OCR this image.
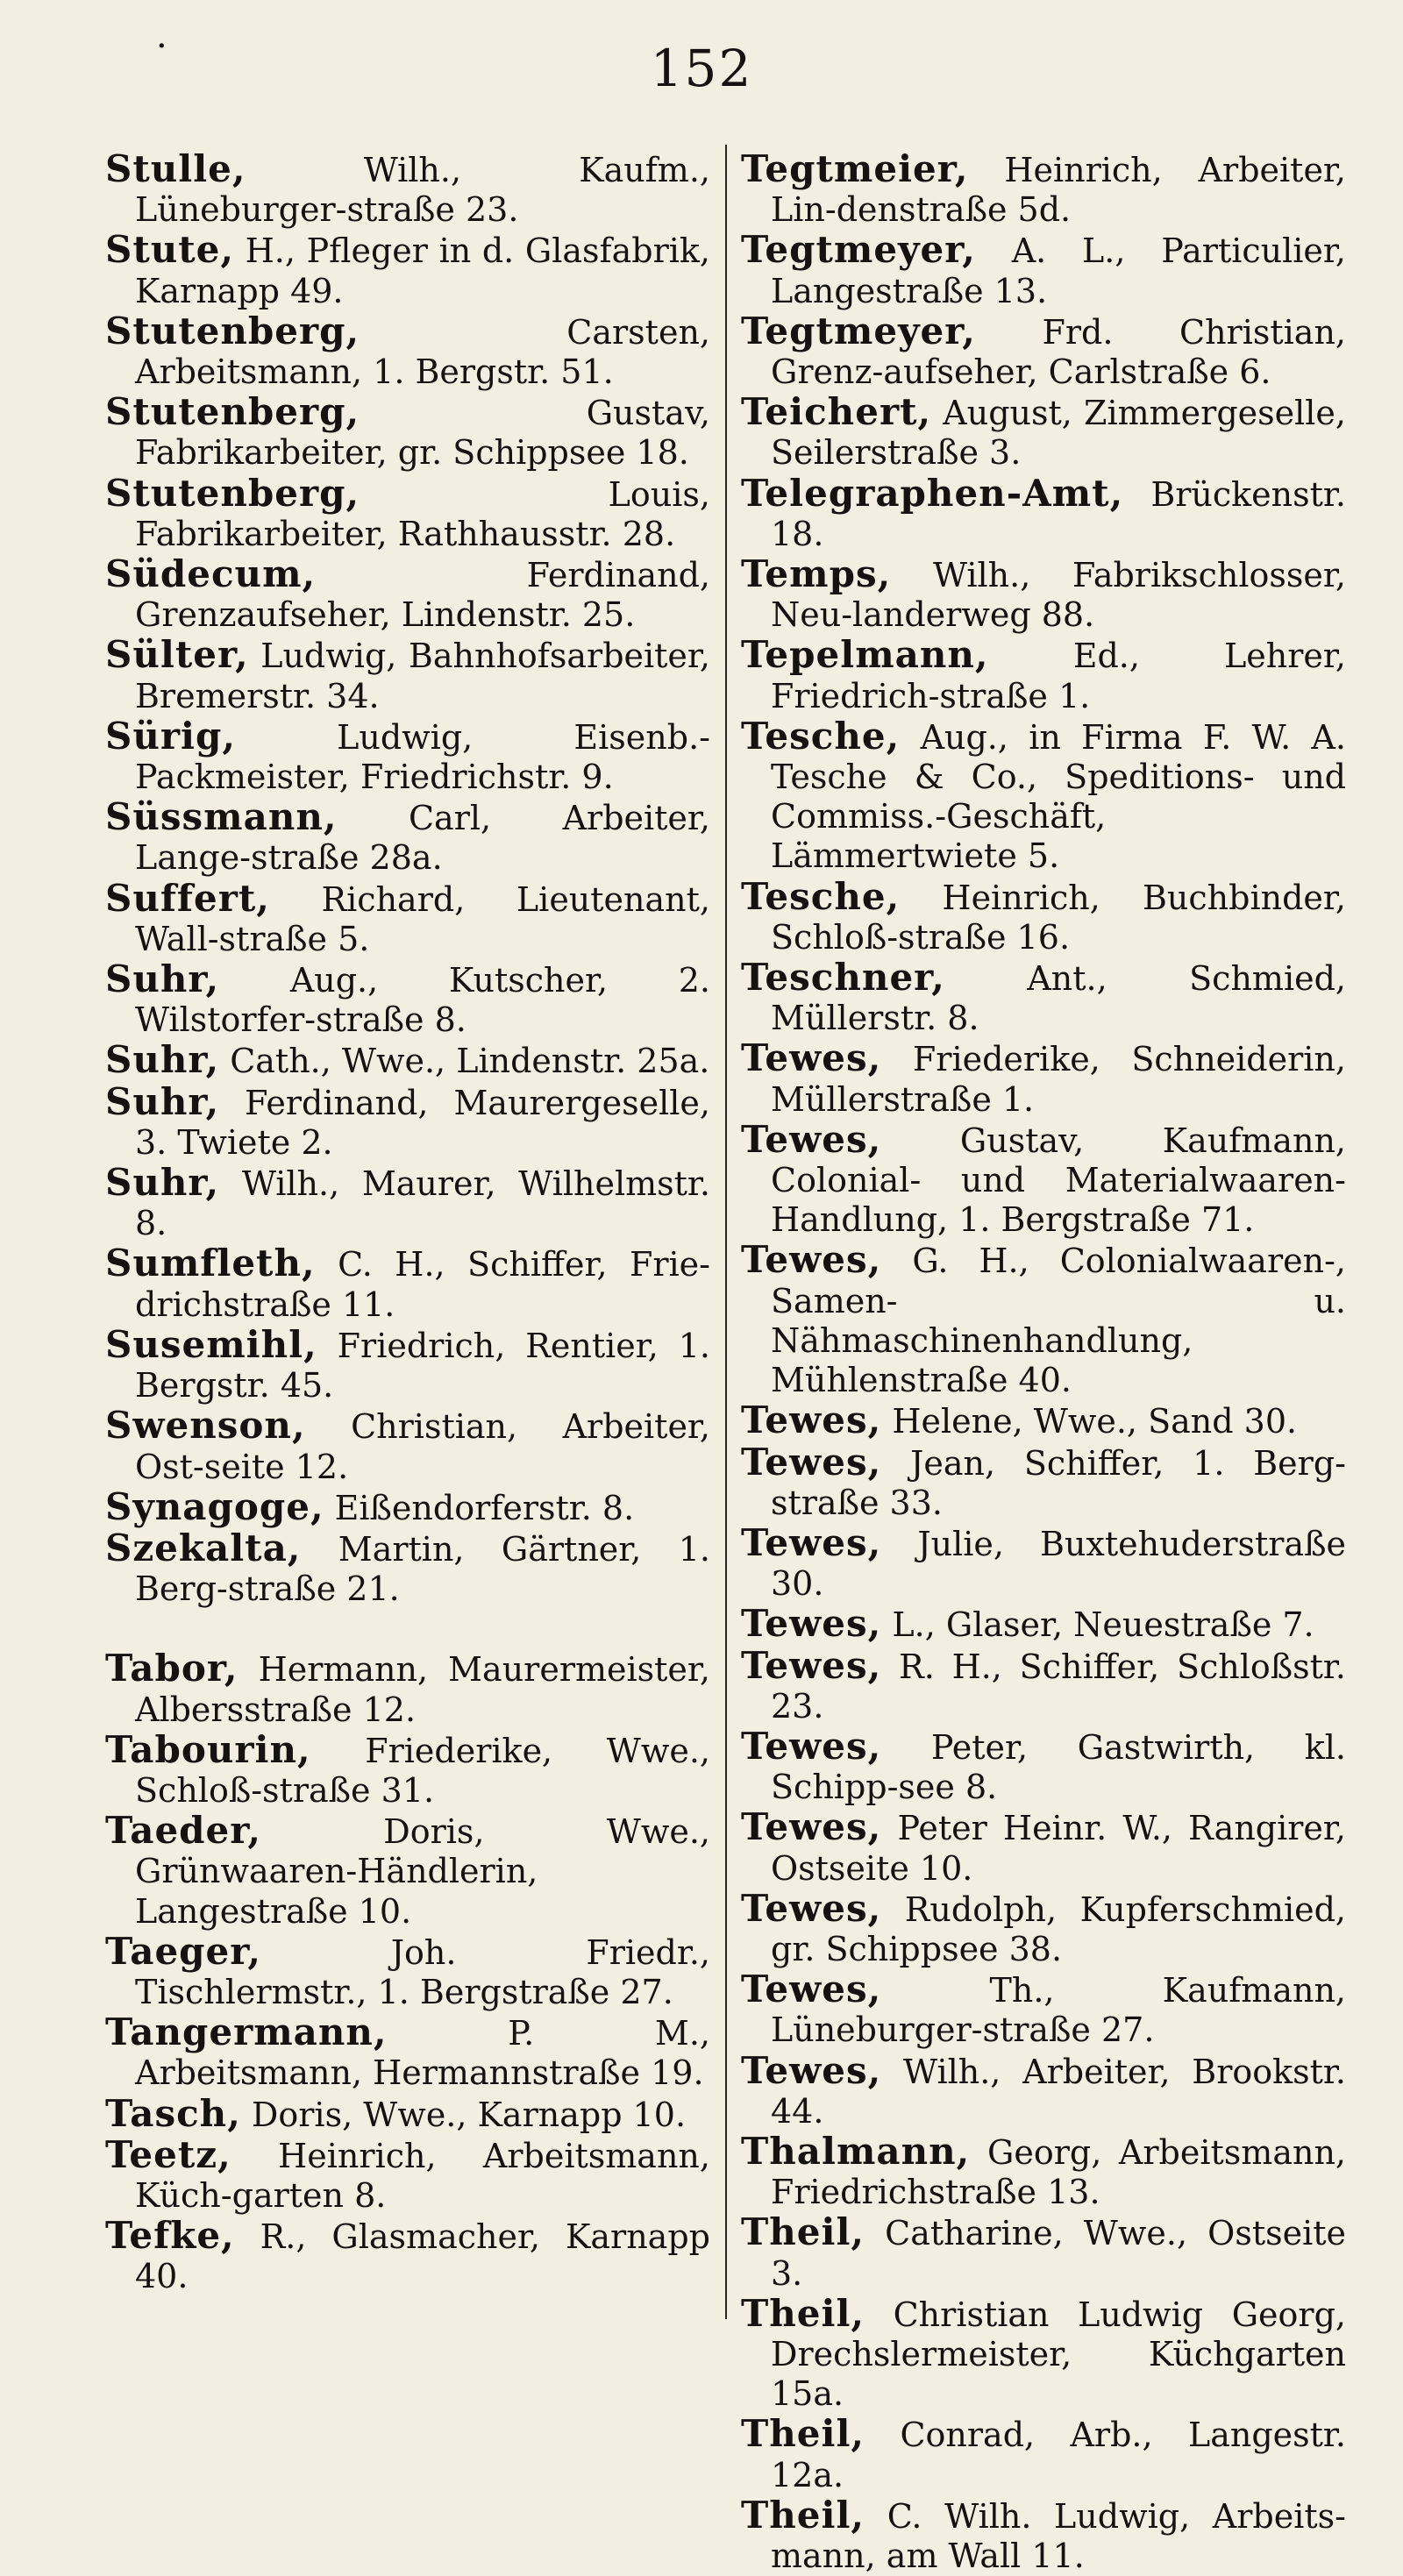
·	152

Stulle, Wilh., Kaufm., Lüneburger-straße 23.

Stute, H., Pfleger in d. Glasfabrik, Karnapp 49.

Stutenberg, Carsten, Arbeitsmann, 1. Bergstr. 51.

Stutenberg, Gustav, Fabrikarbeiter, gr. Schippsee 18.

Stutenberg, Louis, Fabrikarbeiter, Rathhausstr. 28.

Südecum, Ferdinand, Grenzaufseher, Lindenstr. 25.

Sülter, Ludwig, Bahnhofsarbeiter, Bremerstr. 34.

Sürig, Ludwig, Eisenb.-Packmeister, Friedrichstr. 9.

Süssmann, Carl, Arbeiter, Lange-straße 28a.

Suffert, Richard, Lieutenant, Wall-straße 5.

Suhr, Aug., Kutscher, 2. Wilstorfer-straße 8.

Suhr, Cath., Wwe., Lindenstr. 25a.

Suhr, Ferdinand, Maurergeselle, 3. Twiete 2.

Suhr, Wilh., Maurer, Wilhelmstr. 8.

Sumfleth, C. H., Schiffer, Frie-drichstraße 11.

Susemihl, Friedrich, Rentier, 1. Bergstr. 45.

Swenson, Christian, Arbeiter, Ost-seite 12.

Synagoge, Eißendorferstr. 8.

Szekalta, Martin, Gärtner, 1. Berg-straße 21.

Tabor, Hermann, Maurermeister, Albersstraße 12.

Tabourin, Friederike, Wwe., Schloß-straße 31.

Taeder, Doris, Wwe., Grünwaaren-Händlerin, Langestraße 10.

Taeger, Joh. Friedr., Tischlermstr., 1. Bergstraße 27.

Tangermann, P. M., Arbeitsmann, Hermannstraße 19.

Tasch, Doris, Wwe., Karnapp 10.

Teetz, Heinrich, Arbeitsmann, Küch-garten 8.

Tefke, R., Glasmacher, Karnapp 40.

Tegtmeier, Heinrich, Arbeiter, Lin-denstraße 5d.

Tegtmeyer, A. L., Particulier, Langestraße 13.

Tegtmeyer, Frd. Christian, Grenz-aufseher, Carlstraße 6.

Teichert, August, Zimmergeselle, Seilerstraße 3.

Telegraphen-Amt, Brückenstr. 18.

Temps, Wilh., Fabrikschlosser, Neu-landerweg 88.

Tepelmann, Ed., Lehrer, Friedrich-straße 1.

Tesche, Aug., in Firma F. W. A. Tesche & Co., Speditions- und Commiss.-Geschäft, Lämmertwiete 5.

Tesche, Heinrich, Buchbinder, Schloß-straße 16.

Teschner, Ant., Schmied, Müllerstr. 8.

Tewes, Friederike, Schneiderin, Müllerstraße 1.

Tewes, Gustav, Kaufmann, Colonial- und Materialwaaren-Handlung, 1. Bergstraße 71.

Tewes, G. H., Colonialwaaren-, Samen- u. Nähmaschinenhandlung, Mühlenstraße 40.

Tewes, Helene, Wwe., Sand 30.

Tewes, Jean, Schiffer, 1. Berg-straße 33.

Tewes, Julie, Buxtehuderstraße 30.

Tewes, L., Glaser, Neuestraße 7.

Tewes, R. H., Schiffer, Schloßstr. 23.

Tewes, Peter, Gastwirth, kl. Schipp-see 8.

Tewes, Peter Heinr. W., Rangirer, Ostseite 10.

Tewes, Rudolph, Kupferschmied, gr. Schippsee 38.

Tewes, Th., Kaufmann, Lüneburger-straße 27.

Tewes, Wilh., Arbeiter, Brookstr. 44.

Thalmann, Georg, Arbeitsmann, Friedrichstraße 13.

Theil, Catharine, Wwe., Ostseite 3.

Theil, Christian Ludwig Georg, Drechslermeister, Küchgarten 15a.

Theil, Conrad, Arb., Langestr. 12a.

Theil, C. Wilh. Ludwig, Arbeits-mann, am Wall 11.
